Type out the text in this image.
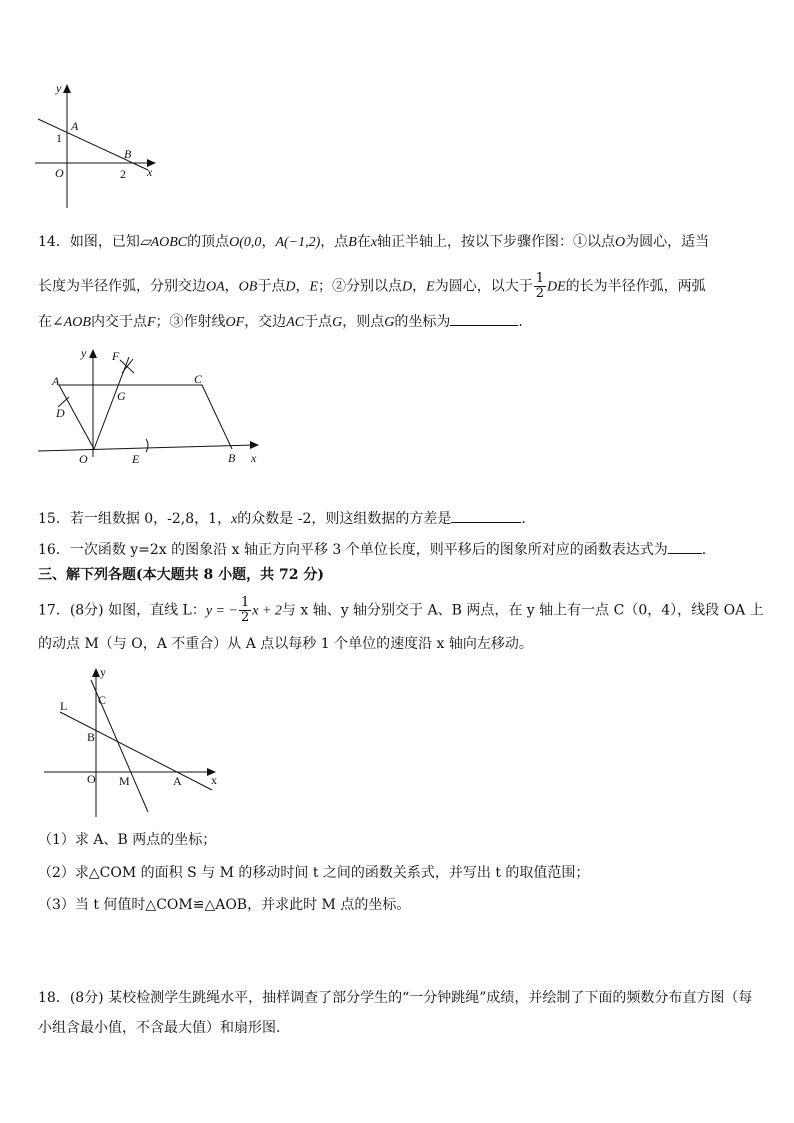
y
x
A
1
B
O	2
14．如图，已知▱AOBC的顶点O(0,0，A(−1,2)，点B在x轴正半轴上，按以下步骤作图：①以点O为圆心，适当
长度为半径作弧，分别交边OA，OB于点D，E；②分别以点D，E为圆心，以大于 $\frac{1}{2}$ DE的长为半径作弧，两弧
在∠AOB内交于点F；③作射线OF，交边AC于点G，则点G的坐标为	.
y F
A	C
G
D
O	E	B x
15．若一组数据 0，-2,8，1，x的众数是 -2，则这组数据的方差是	.
16．一次函数 y=2x 的图象沿 x 轴正方向平移 3 个单位长度，则平移后的图象所对应的函数表达式为 .
三、解下列各题(本大题共 8 小题，共 72 分)
17．(8分) 如图，直线 L：y = − $\frac{1}{2}$ x + 2与 x 轴、y 轴分别交于 A、B 两点，在 y 轴上有一点 C（0，4），线段 OA 上
的动点 M（与 O，A 不重合）从 A 点以每秒 1 个单位的速度沿 x 轴向左移动。
y
L	C
B
O M	A x
（1）求 A、B 两点的坐标；
（2）求△COM 的面积 S 与 M 的移动时间 t 之间的函数关系式，并写出 t 的取值范围；
（3）当 t 何值时△COM≌△AOB，并求此时 M 点的坐标。
18．(8分) 某校检测学生跳绳水平，抽样调查了部分学生的“一分钟跳绳”成绩，并绘制了下面的频数分布直方图（每
小组含最小值，不含最大值）和扇形图.
